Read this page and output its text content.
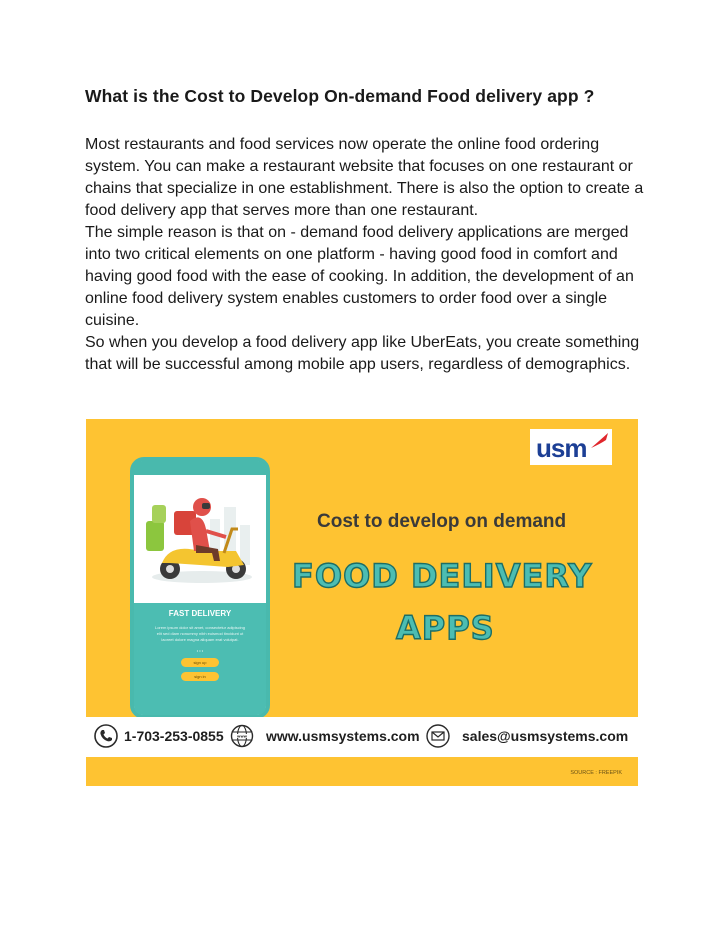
What is the Cost to Develop On-demand Food delivery app ?

Most restaurants and food services now operate the online food ordering system. You can make a restaurant website that focuses on one restaurant or chains that specialize in one establishment. There is also the option to create a food delivery app that serves more than one restaurant.

The simple reason is that on - demand food delivery applications are merged into two critical elements on one platform - having good food in comfort and having good food with the ease of cooking. In addition, the development of an online food delivery system enables customers to order food over a single cuisine.

So when you develop a food delivery app like UberEats, you create something that will be successful among mobile app users, regardless of demographics.

FAST DELIVERY
Lorem ipsum dolor sit amet, consectetur adipiscing elit sed diam nonummy nibh euismod tincidunt ut laoreet dolore magna aliquam erat volutpat.
• • •
sign up
sign in
usm
Cost to develop on demand
FOOD DELIVERY
APPS
1-703-253-0855	www www.usmsystems.com	sales@usmsystems.com
SOURCE : FREEPIK
